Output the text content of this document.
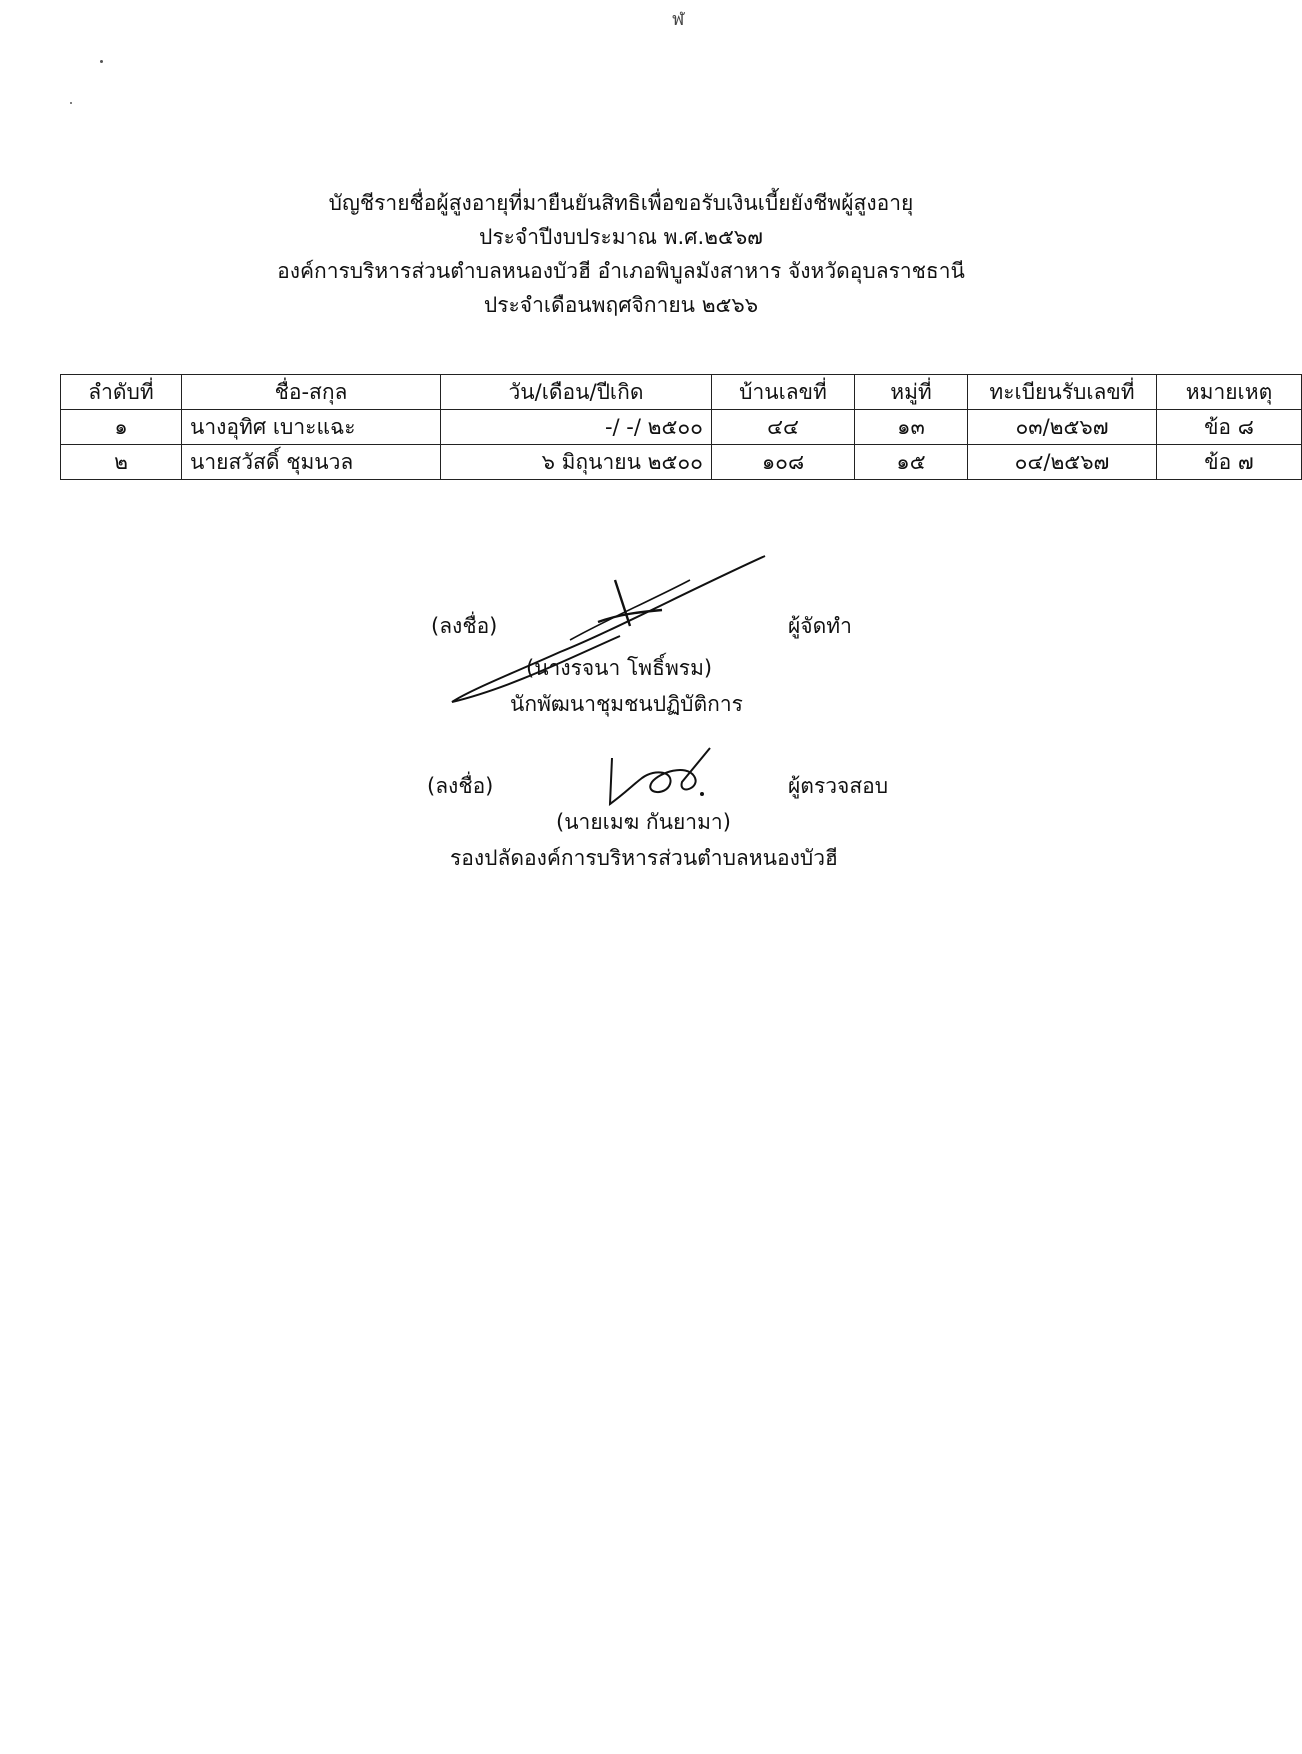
ฬ
บัญชีรายชื่อผู้สูงอายุที่มายืนยันสิทธิเพื่อขอรับเงินเบี้ยยังชีพผู้สูงอายุ
ประจำปีงบประมาณ พ.ศ.๒๕๖๗
องค์การบริหารส่วนตำบลหนองบัวฮี อำเภอพิบูลมังสาหาร จังหวัดอุบลราชธานี
ประจำเดือนพฤศจิกายน ๒๕๖๖
ลำดับที่	ชื่อ-สกุล	วัน/เดือน/ปีเกิด	บ้านเลขที่	หมู่ที่	ทะเบียนรับเลขที่	หมายเหตุ
๑	นางอุทิศ เบาะแฉะ	-/ -/ ๒๕๐๐	๔๔	๑๓	๐๓/๒๕๖๗	ข้อ ๘
๒	นายสวัสดิ์ ชุมนวล	๖ มิถุนายน ๒๕๐๐	๑๐๘	๑๕	๐๔/๒๕๖๗	ข้อ ๗
(ลงชื่อ)	ผู้จัดทำ
(นางรจนา โพธิ์พรม)
นักพัฒนาชุมชนปฏิบัติการ
(ลงชื่อ)	ผู้ตรวจสอบ
(นายเมฆ กันยามา)
รองปลัดองค์การบริหารส่วนตำบลหนองบัวฮี
